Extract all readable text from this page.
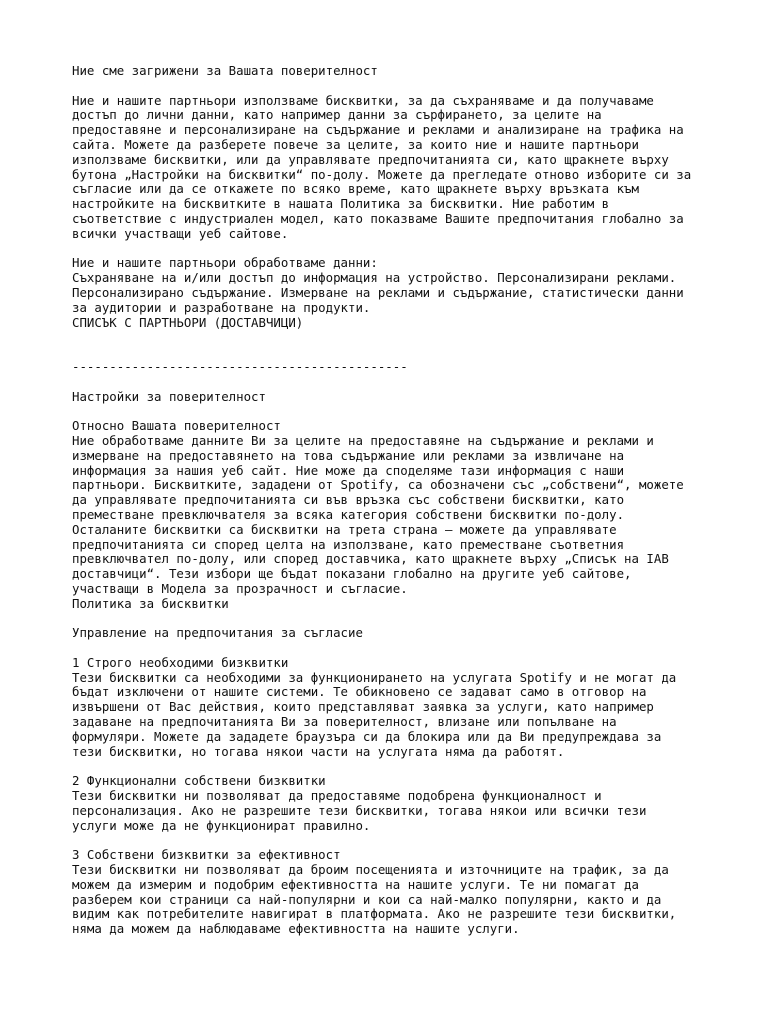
Ние сме загрижени за Вашата поверителност
Ние и нашите партньори използваме бисквитки, за да съхраняваме и да получаваме
достъп до лични данни, като например данни за сърфирането, за целите на
предоставяне и персонализиране на съдържание и реклами и анализиране на трафика на
сайта. Можете да разберете повече за целите, за които ние и нашите партньори
използваме бисквитки, или да управлявате предпочитанията си, като щракнете върху
бутона „Настройки на бисквитки“ по-долу. Можете да прегледате отново изборите си за
съгласие или да се откажете по всяко време, като щракнете върху връзката към
настройките на бисквитките в нашата Политика за бисквитки. Ние работим в
съответствие с индустриален модел, като показваме Вашите предпочитания глобално за
всички участващи уеб сайтове.
Ние и нашите партньори обработваме данни:
Съхраняване на и/или достъп до информация на устройство. Персонализирани реклами.
Персонализирано съдържание. Измерване на реклами и съдържание, статистически данни
за аудитории и разработване на продукти.
СПИСЪК С ПАРТНЬОРИ (ДОСТАВЧИЦИ)
---------------------------------------------
Настройки за поверителност
Относно Вашата поверителност
Ние обработваме данните Ви за целите на предоставяне на съдържание и реклами и
измерване на предоставянето на това съдържание или реклами за извличане на
информация за нашия уеб сайт. Ние може да споделяме тази информация с наши
партньори. Бисквитките, зададени от Spotify, са обозначени със „собствени“, можете
да управлявате предпочитанията си във връзка със собствени бисквитки, като
преместване превключвателя за всяка категория собствени бисквитки по-долу.
Осталаните бисквитки са бисквитки на трета страна – можете да управлявате
предпочитанията си според целта на използване, като преместване съответния
превключвател по-долу, или според доставчика, като щракнете върху „Списък на IAB
доставчици“. Тези избори ще бъдат показани глобално на другите уеб сайтове,
участващи в Модела за прозрачност и съгласие.
Политика за бисквитки
Управление на предпочитания за съгласие
1 Строго необходими бизквитки
Тези бисквитки са необходими за функционирането на услугата Spotify и не могат да
бъдат изключени от нашите системи. Те обикновено се задават само в отговор на
извършени от Вас действия, които представляват заявка за услуги, като например
задаване на предпочитанията Ви за поверителност, влизане или попълване на
формуляри. Можете да зададете браузъра си да блокира или да Ви предупреждава за
тези бисквитки, но тогава някои части на услугата няма да работят.
2 Функционални собствени бизквитки
Тези бисквитки ни позволяват да предоставяме подобрена функционалност и
персонализация. Ако не разрешите тези бисквитки, тогава някои или всички тези
услуги може да не функционират правилно.
3 Собствени бизквитки за ефективност
Тези бисквитки ни позволяват да броим посещенията и източниците на трафик, за да
можем да измерим и подобрим ефективността на нашите услуги. Те ни помагат да
разберем кои страници са най-популярни и кои са най-малко популярни, както и да
видим как потребителите навигират в платформата. Ако не разрешите тези бисквитки,
няма да можем да наблюдаваме ефективността на нашите услуги.
